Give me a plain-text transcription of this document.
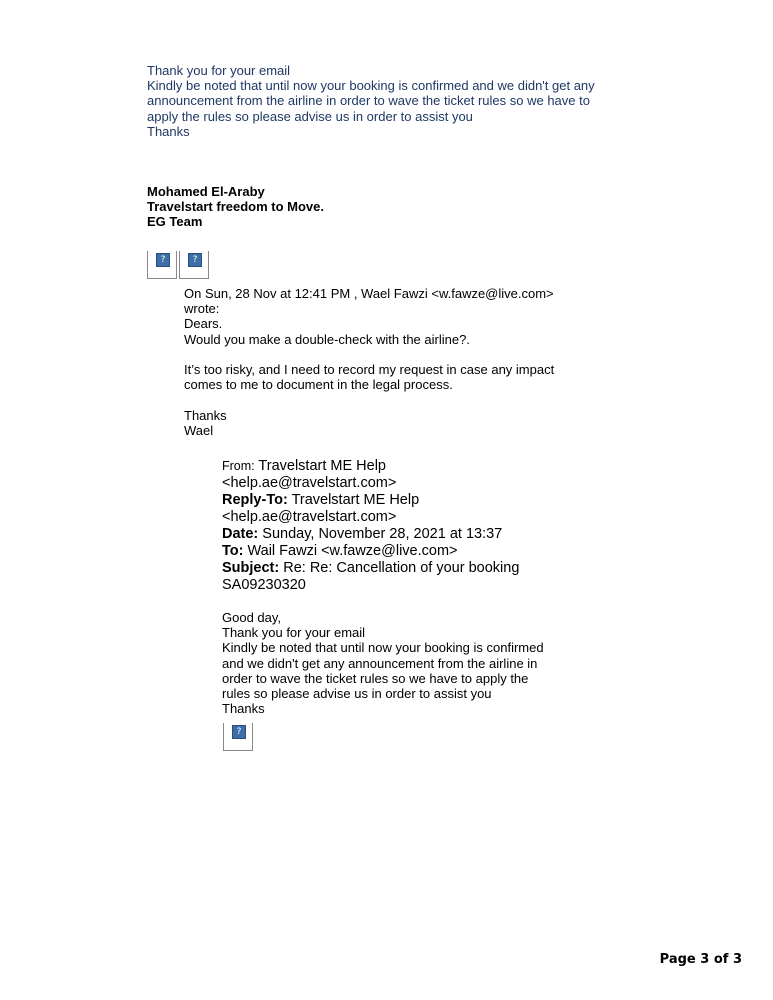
Thank you for your email
Kindly be noted that until now your booking is confirmed and we didn't get any
announcement from the airline in order to wave the ticket rules so we have to
apply the rules so please advise us in order to assist you
Thanks
Mohamed El-Araby
Travelstart freedom to Move.
EG Team
?	?
On Sun, 28 Nov at 12:41 PM , Wael Fawzi <w.fawze@live.com>
wrote:
Dears.
Would you make a double-check with the airline?.
It’s too risky, and I need to record my request in case any impact
comes to me to document in the legal process.
Thanks
Wael
From: Travelstart ME Help
<help.ae@travelstart.com>
Reply-To: Travelstart ME Help
<help.ae@travelstart.com>
Date: Sunday, November 28, 2021 at 13:37
To: Wail Fawzi <w.fawze@live.com>
Subject: Re: Re: Cancellation of your booking
SA09230320
Good day,
Thank you for your email
Kindly be noted that until now your booking is confirmed
and we didn't get any announcement from the airline in
order to wave the ticket rules so we have to apply the
rules so please advise us in order to assist you
Thanks
?
Page 3 of 3
